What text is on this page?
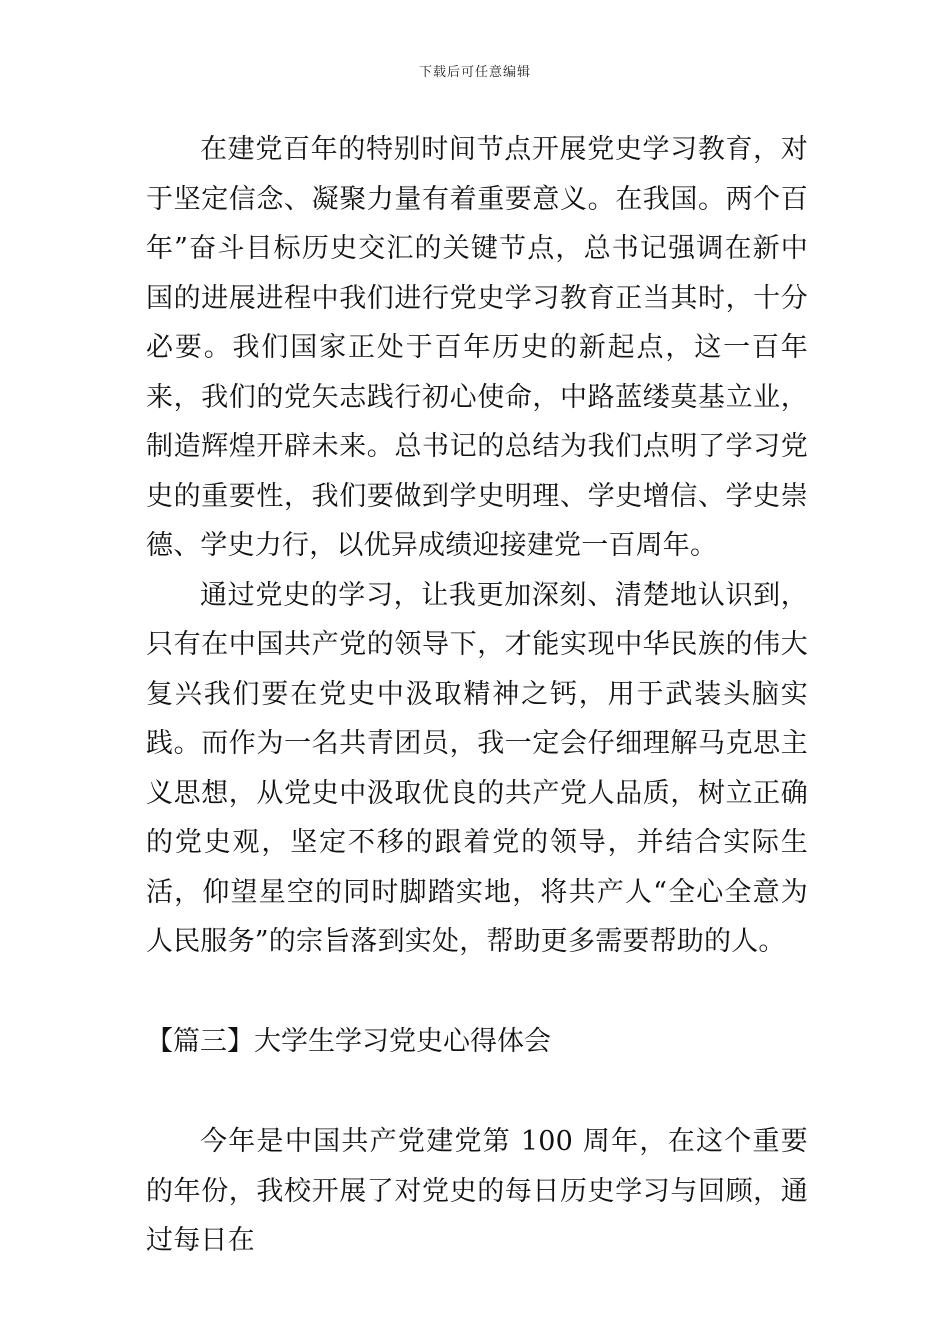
下载后可任意编辑

在建党百年的特别时间节点开展党史学习教育，对于坚定信念、凝聚力量有着重要意义。在我国。两个百年”奋斗目标历史交汇的关键节点，总书记强调在新中国的进展进程中我们进行党史学习教育正当其时，十分必要。我们国家正处于百年历史的新起点，这一百年来，我们的党矢志践行初心使命，中路蓝缕莫基立业，制造辉煌开辟未来。总书记的总结为我们点明了学习党史的重要性，我们要做到学史明理、学史增信、学史崇德、学史力行，以优异成绩迎接建党一百周年。

通过党史的学习，让我更加深刻、清楚地认识到，只有在中国共产党的领导下，才能实现中华民族的伟大复兴我们要在党史中汲取精神之钙，用于武装头脑实践。而作为一名共青团员，我一定会仔细理解马克思主义思想，从党史中汲取优良的共产党人品质，树立正确的党史观，坚定不移的跟着党的领导，并结合实际生活，仰望星空的同时脚踏实地，将共产人“全心全意为人民服务”的宗旨落到实处，帮助更多需要帮助的人。

【篇三】大学生学习党史心得体会

今年是中国共产党建党第 100 周年，在这个重要的年份，我校开展了对党史的每日历史学习与回顾，通过每日在
